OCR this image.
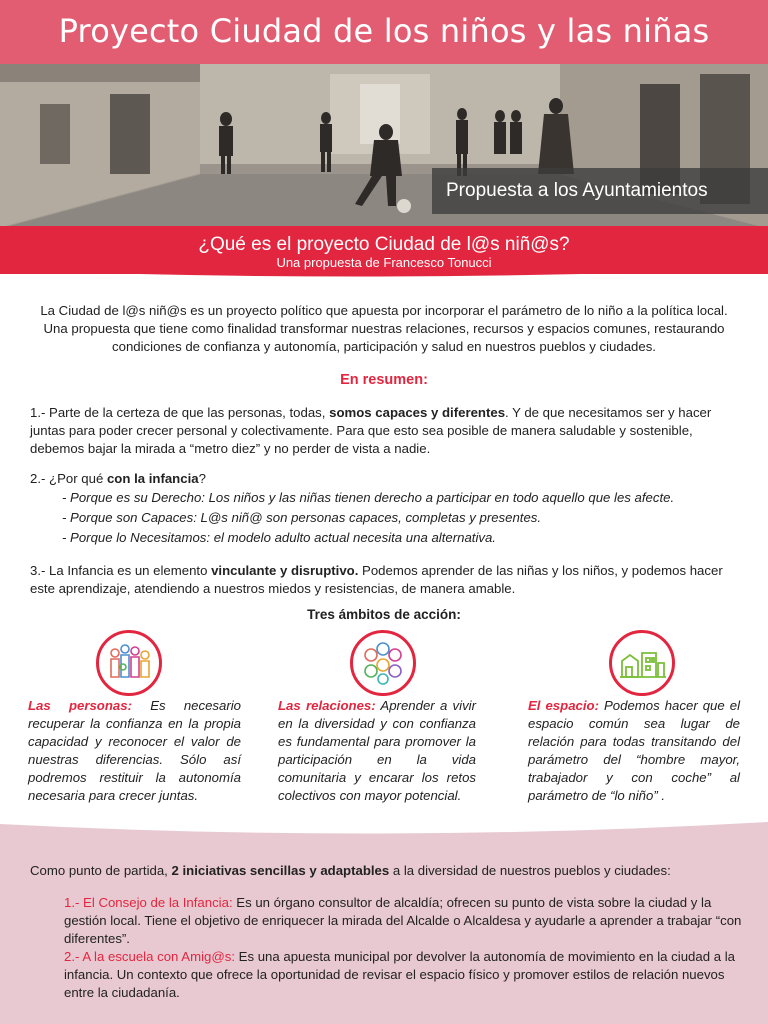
Proyecto Ciudad de los niños y las niñas
Propuesta a los Ayuntamientos
¿Qué es el proyecto Ciudad de l@s niñ@s?
Una propuesta de Francesco Tonucci

La Ciudad de l@s niñ@s es un proyecto político que apuesta por incorporar el parámetro de lo niño a la política local. Una propuesta que tiene como finalidad transformar nuestras relaciones, recursos y espacios comunes, restaurando condiciones de confianza y autonomía, participación y salud en nuestros pueblos y ciudades.

En resumen:

1.- Parte de la certeza de que las personas, todas, somos capaces y diferentes. Y de que necesitamos ser y hacer juntas para poder crecer personal y colectivamente. Para que esto sea posible de manera saludable y sostenible, debemos bajar la mirada a “metro diez” y no perder de vista a nadie.

2.- ¿Por qué con la infancia?

- Porque es su Derecho: Los niños y las niñas tienen derecho a participar en todo aquello que les afecte.
- Porque son Capaces: L@s niñ@ son personas capaces, completas y presentes.
- Porque lo Necesitamos: el modelo adulto actual necesita una alternativa.

3.- La Infancia es un elemento vinculante y disruptivo. Podemos aprender de las niñas y los niños, y podemos hacer este aprendizaje, atendiendo a nuestros miedos y resistencias, de manera amable.

Tres ámbitos de acción:

Las personas: Es necesario recuperar la confianza en la propia capacidad y reconocer el valor de nuestras diferencias. Sólo así podremos restituir la autonomía necesaria para crecer juntas.

Las relaciones: Aprender a vivir en la diversidad y con confianza es fundamental para promover la participación en la vida comunitaria y encarar los retos colectivos con mayor potencial.

El espacio: Podemos hacer que el espacio común sea lugar de relación para todas transitando del parámetro del “hombre mayor, trabajador y con coche” al parámetro de “lo niño” .

Como punto de partida, 2 iniciativas sencillas y adaptables a la diversidad de nuestros pueblos y ciudades:

1.- El Consejo de la Infancia: Es un órgano consultor de alcaldía; ofrecen su punto de vista sobre la ciudad y la gestión local. Tiene el objetivo de enriquecer la mirada del Alcalde o Alcaldesa y ayudarle a aprender a trabajar “con diferentes”.

2.- A la escuela con Amig@s: Es una apuesta municipal por devolver la autonomía de movimiento en la ciudad a la infancia. Un contexto que ofrece la oportunidad de revisar el espacio físico y promover estilos de relación nuevos entre la ciudadanía.
